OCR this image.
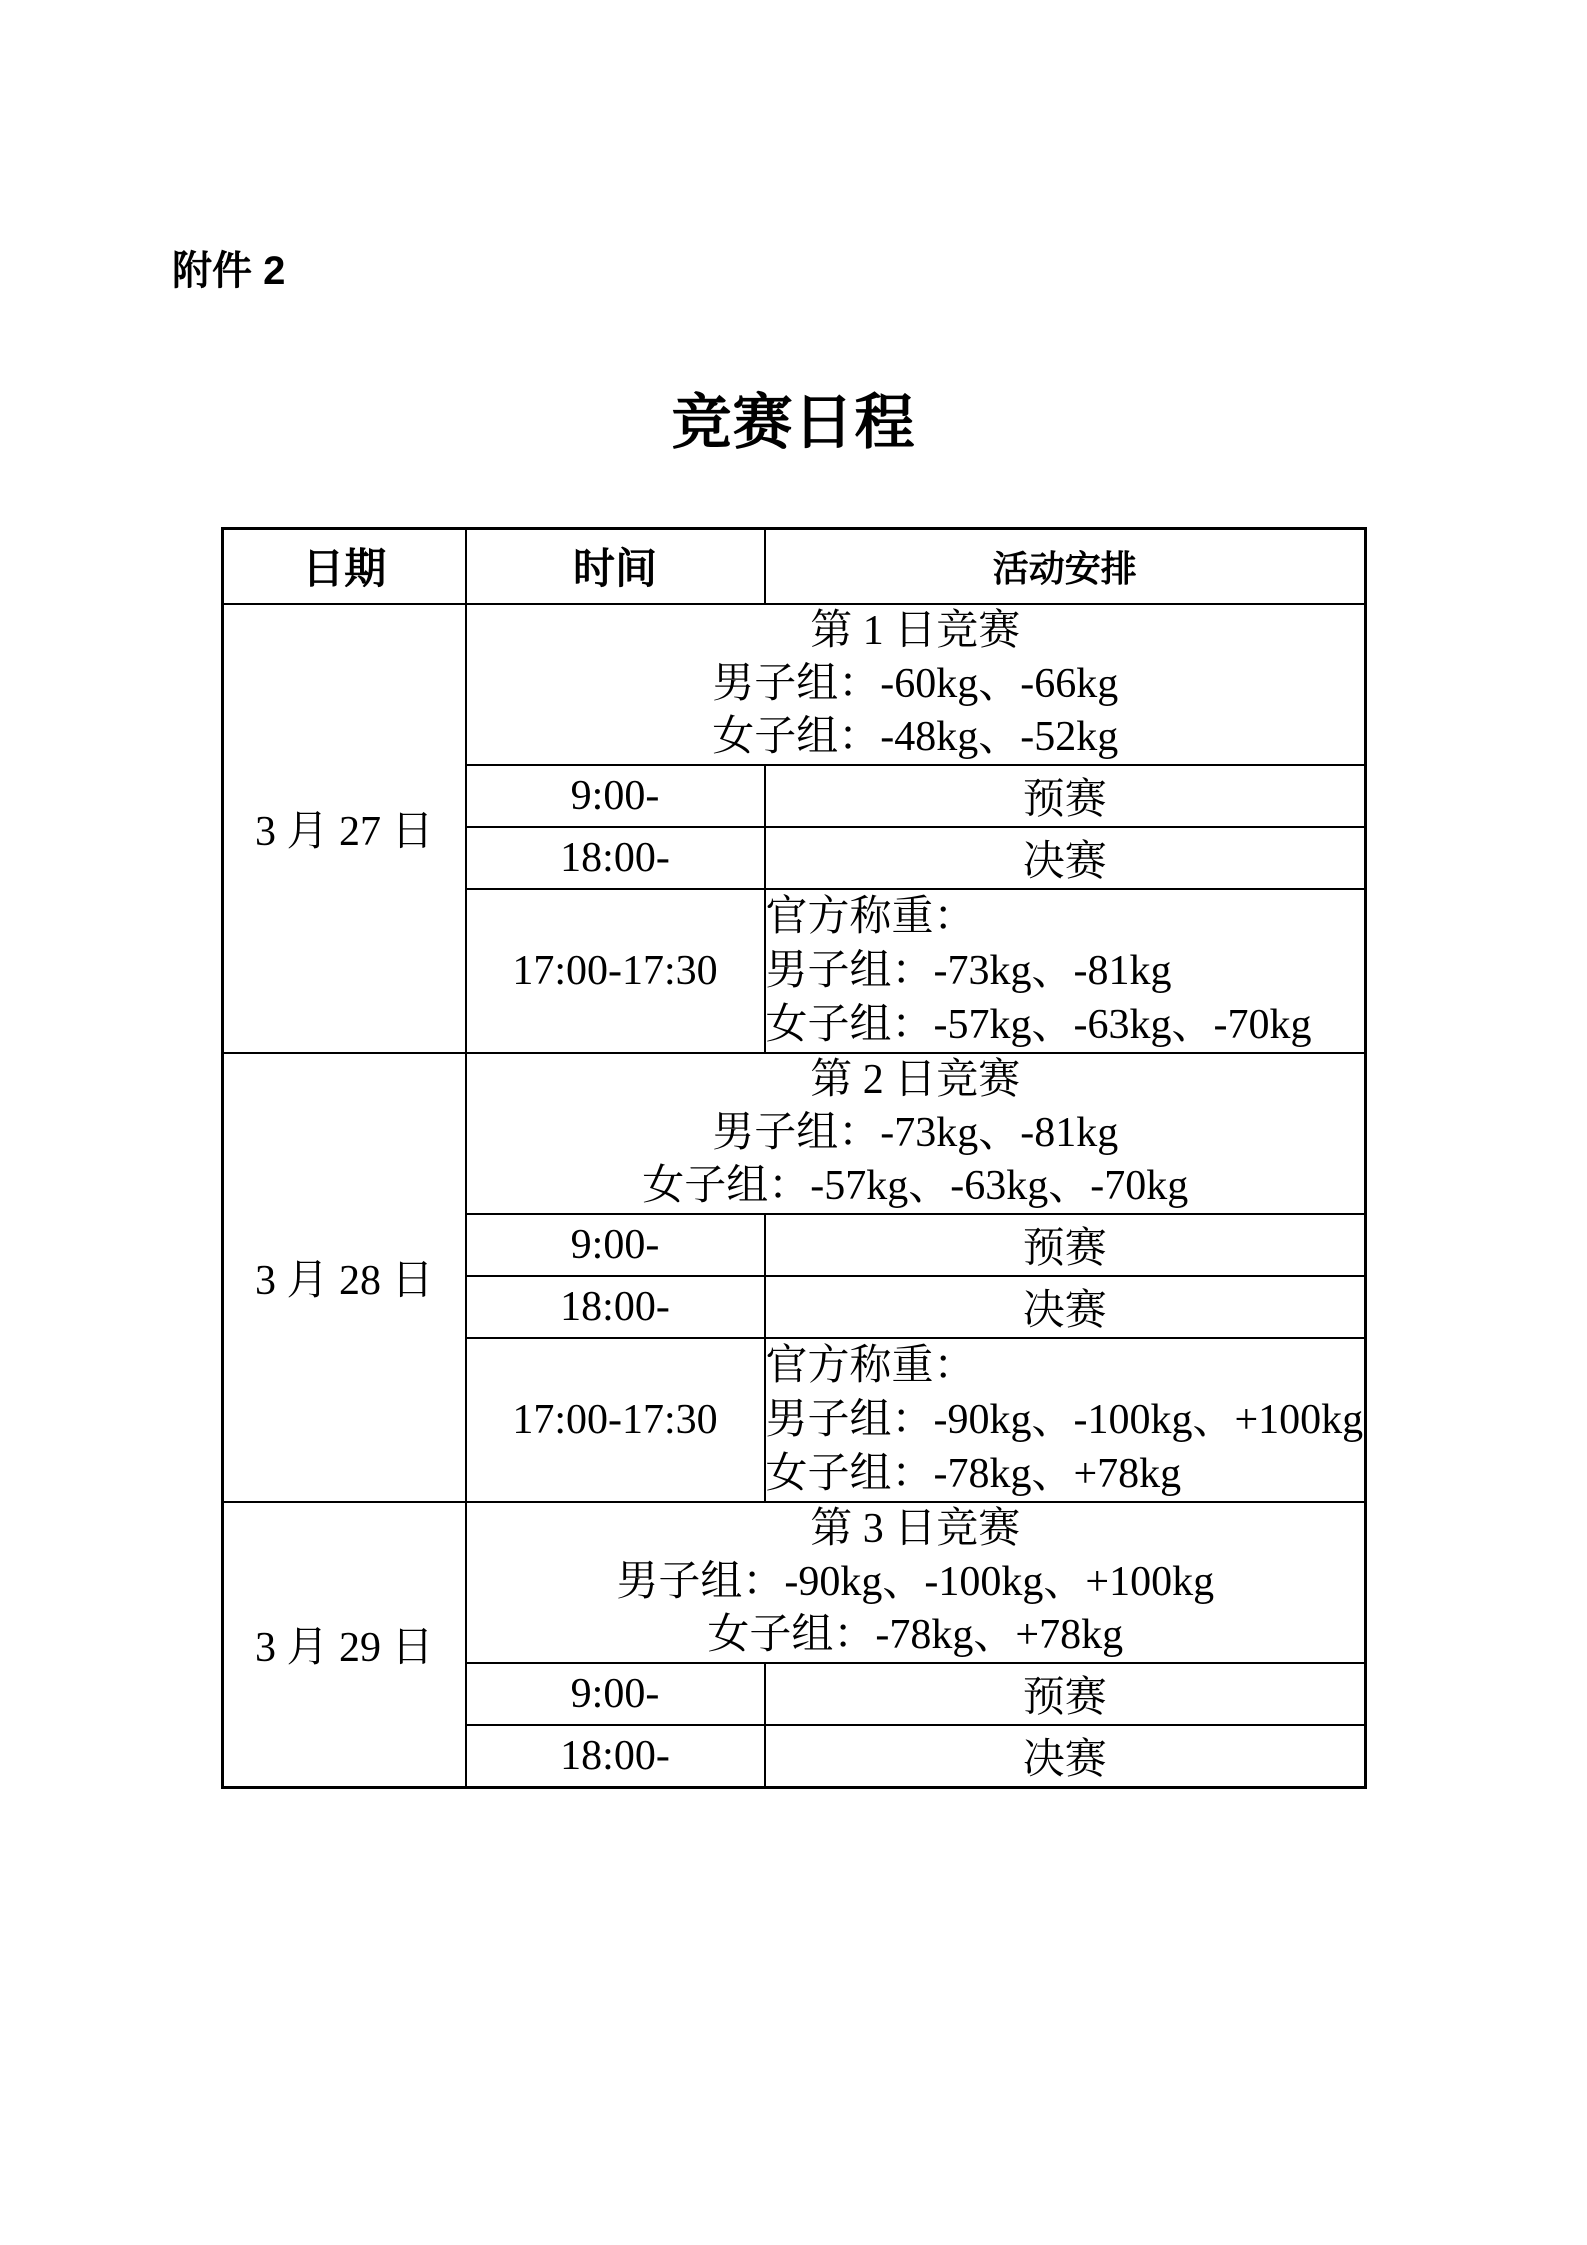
附件 2
竞赛日程
日期	时间	活动安排
3 月 27 日	第 1 日竞赛
男子组：-60kg、-66kg
女子组：-48kg、-52kg	

	9:00-	预赛
	18:00-	决赛
	17:00-17:30	官方称重：
男子组：-73kg、-81kg
女子组：-57kg、-63kg、-70kg

3 月 28 日	第 2 日竞赛
男子组：-73kg、-81kg
女子组：-57kg、-63kg、-70kg	

	9:00-	预赛
	18:00-	决赛
	17:00-17:30	官方称重：
男子组：-90kg、-100kg、+100kg
女子组：-78kg、+78kg

3 月 29 日	第 3 日竞赛
男子组：-90kg、-100kg、+100kg
女子组：-78kg、+78kg	

	9:00-	预赛
	18:00-	决赛
